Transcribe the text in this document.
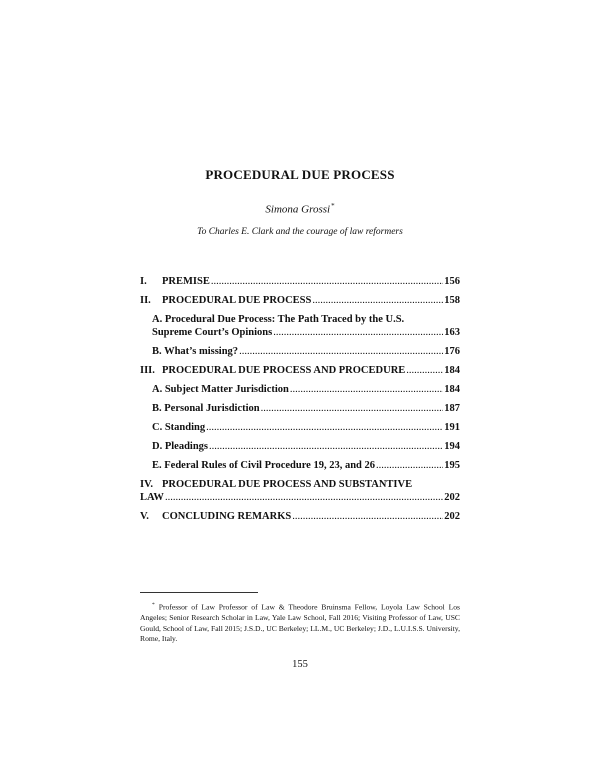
PROCEDURAL DUE PROCESS
Simona Grossi*
To Charles E. Clark and the courage of law reformers
I.	PREMISE .....	156
II.	PROCEDURAL DUE PROCESS .....	158
A. Procedural Due Process: The Path Traced by the U.S.
Supreme Court’s Opinions .....	163
B. What’s missing? .....	176
III. PROCEDURAL DUE PROCESS AND PROCEDURE .....	184
A. Subject Matter Jurisdiction .....	184
B. Personal Jurisdiction .....	187
C. Standing .....	191
D. Pleadings .....	194
E. Federal Rules of Civil Procedure 19, 23, and 26 .....	195
IV. PROCEDURAL DUE PROCESS AND SUBSTANTIVE
LAW .....	202
V.	CONCLUDING REMARKS .....	202
* Professor of Law Professor of Law & Theodore Bruinsma Fellow, Loyola Law School Los Angeles; Senior Research Scholar in Law, Yale Law School, Fall 2016; Visiting Professor of Law, USC Gould, School of Law, Fall 2015; J.S.D., UC Berkeley; LL.M., UC Berkeley; J.D., L.U.I.S.S. University, Rome, Italy.
155
